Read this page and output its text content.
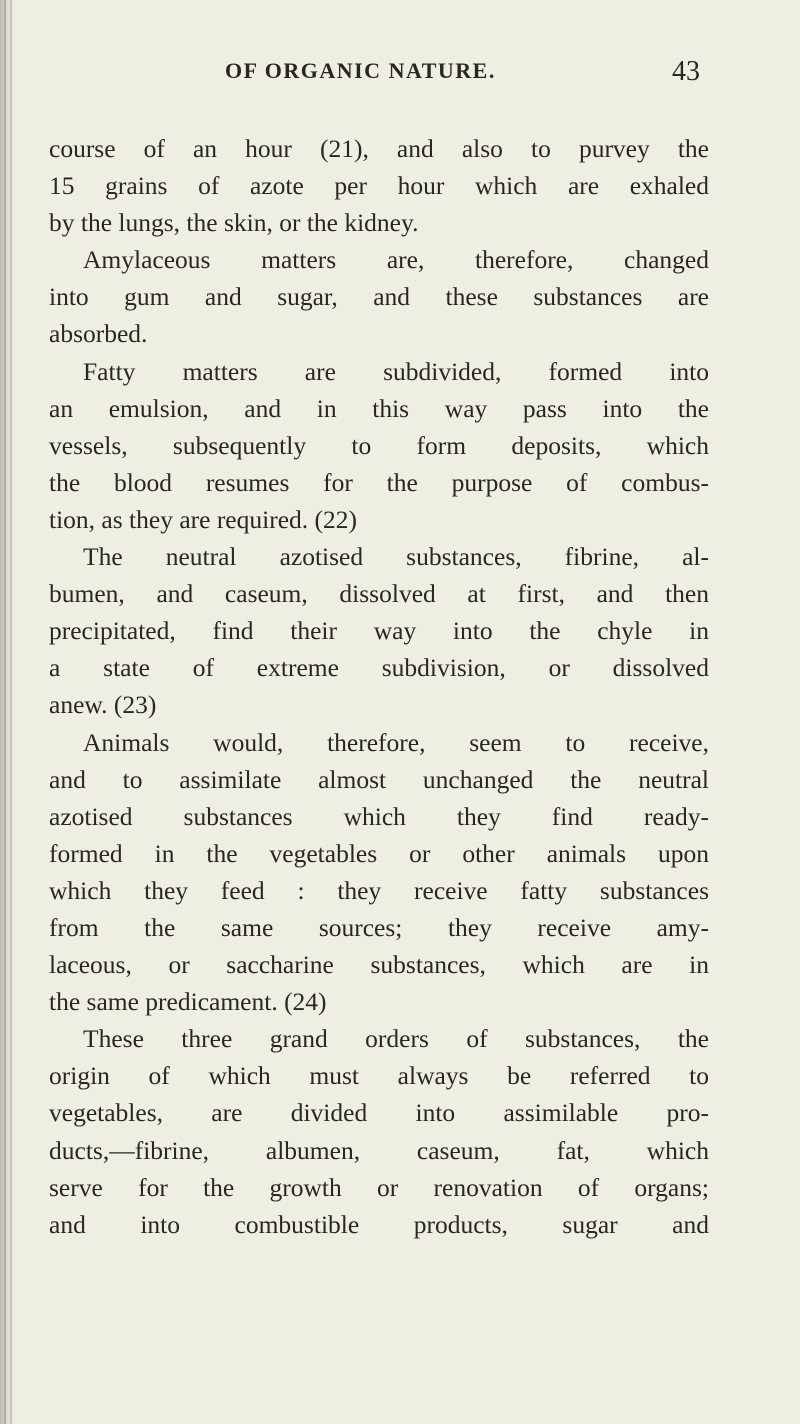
OF ORGANIC NATURE.	43
course of an hour (21), and also to purvey the
15 grains of azote per hour which are exhaled
by the lungs, the skin, or the kidney.
Amylaceous matters are, therefore, changed
into gum and sugar, and these substances are
absorbed.
Fatty matters are subdivided, formed into
an emulsion, and in this way pass into the
vessels, subsequently to form deposits, which
the blood resumes for the purpose of combus-
tion, as they are required. (22)
The neutral azotised substances, fibrine, al-
bumen, and caseum, dissolved at first, and then
precipitated, find their way into the chyle in
a state of extreme subdivision, or dissolved
anew. (23)
Animals would, therefore, seem to receive,
and to assimilate almost unchanged the neutral
azotised substances which they find ready-
formed in the vegetables or other animals upon
which they feed : they receive fatty substances
from the same sources; they receive amy-
laceous, or saccharine substances, which are in
the same predicament. (24)
These three grand orders of substances, the
origin of which must always be referred to
vegetables, are divided into assimilable pro-
ducts,—fibrine, albumen, caseum, fat, which
serve for the growth or renovation of organs;
and into combustible products, sugar and
